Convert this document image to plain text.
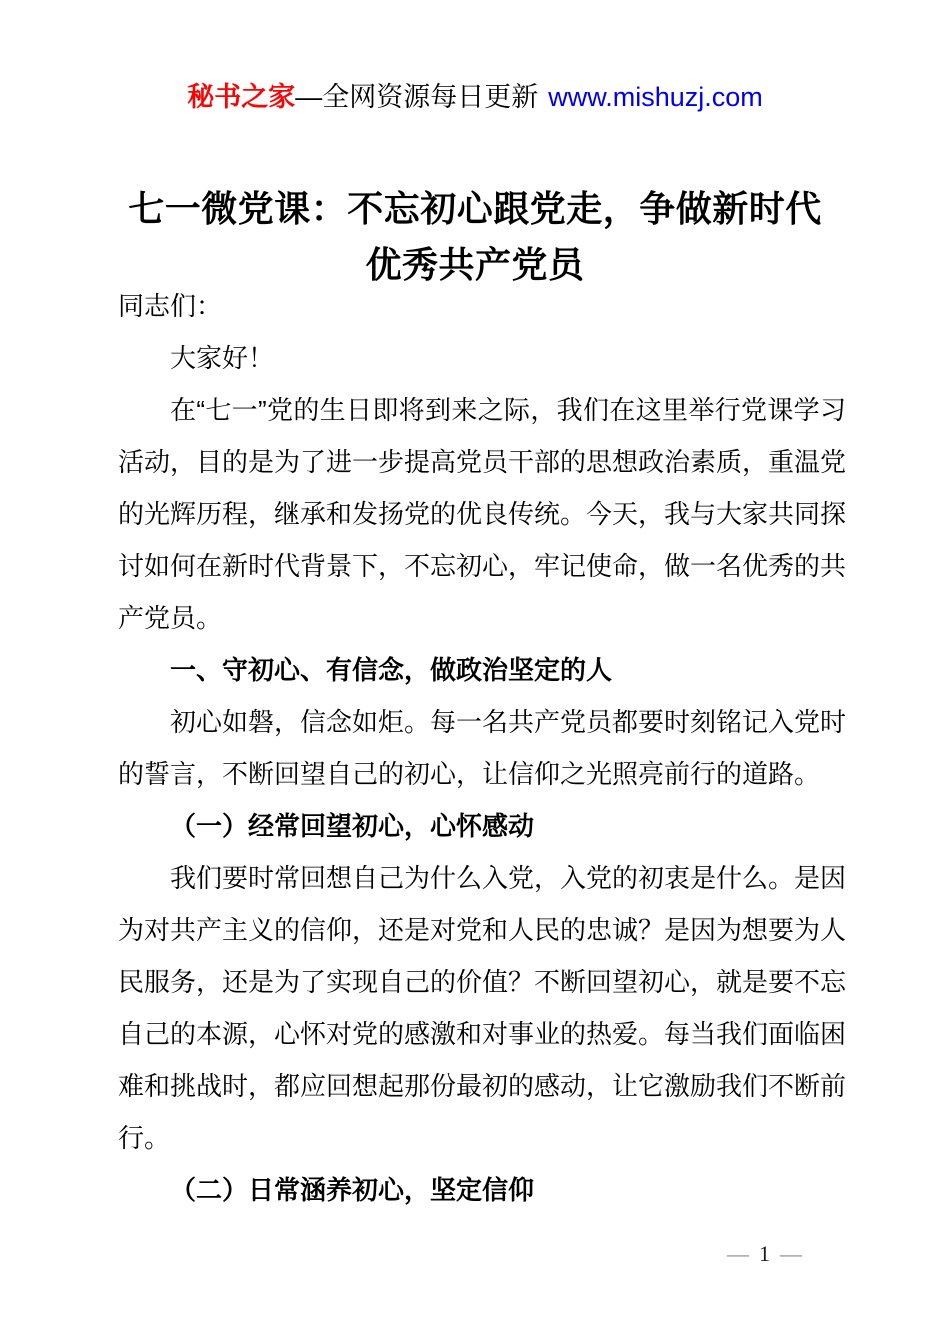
秘书之家—全网资源每日更新 www.mishuzj.com
七一微党课：不忘初心跟党走，争做新时代
优秀共产党员

同志们：

大家好！

在“七一”党的生日即将到来之际，我们在这里举行党课学习活动，目的是为了进一步提高党员干部的思想政治素质，重温党的光辉历程，继承和发扬党的优良传统。今天，我与大家共同探讨如何在新时代背景下，不忘初心，牢记使命，做一名优秀的共产党员。

一、守初心、有信念，做政治坚定的人

初心如磐，信念如炬。每一名共产党员都要时刻铭记入党时的誓言，不断回望自己的初心，让信仰之光照亮前行的道路。

（一）经常回望初心，心怀感动

我们要时常回想自己为什么入党，入党的初衷是什么。是因为对共产主义的信仰，还是对党和人民的忠诚？是因为想要为人民服务，还是为了实现自己的价值？不断回望初心，就是要不忘自己的本源，心怀对党的感激和对事业的热爱。每当我们面临困难和挑战时，都应回想起那份最初的感动，让它激励我们不断前行。

（二）日常涵养初心，坚定信仰

— 1 —
